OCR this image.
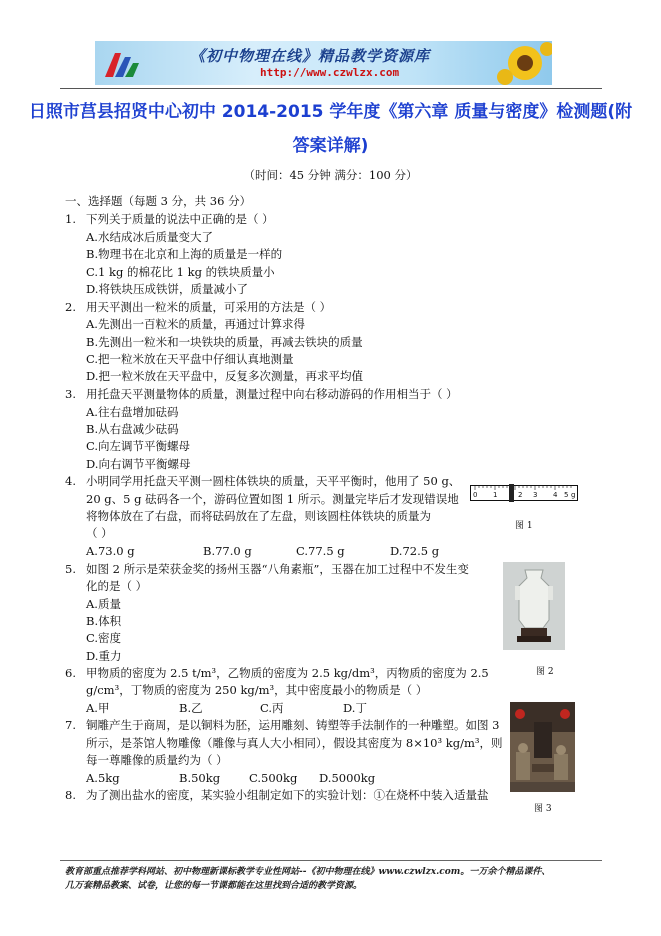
《初中物理在线》精品教学资源库
http://www.czwlzx.com
日照市莒县招贤中心初中 2014-2015 学年度《第六章 质量与密度》检测题(附
答案详解)
（时间：45 分钟 满分：100 分）
一、选择题（每题 3 分，共 36 分）
1. 下列关于质量的说法中正确的是（ ）
A.水结成冰后质量变大了
B.物理书在北京和上海的质量是一样的
C.1 kg 的棉花比 1 kg 的铁块质量小
D.将铁块压成铁饼，质量减小了
2. 用天平测出一粒米的质量，可采用的方法是（ ）
A.先测出一百粒米的质量，再通过计算求得
B.先测出一粒米和一块铁块的质量，再减去铁块的质量
C.把一粒米放在天平盘中仔细认真地测量
D.把一粒米放在天平盘中，反复多次测量，再求平均值
3. 用托盘天平测量物体的质量，测量过程中向右移动游码的作用相当于（ ）
A.往右盘增加砝码
B.从右盘减少砝码
C.向左调节平衡螺母
D.向右调节平衡螺母
4. 小明同学用托盘天平测一圆柱体铁块的质量，天平平衡时，他用了 50 g、
20 g、5 g 砝码各一个，游码位置如图 1 所示。测量完毕后才发现错误地
将物体放在了右盘，而将砝码放在了左盘，则该圆柱体铁块的质量为
（ ）
A.73.0 g	B.77.0 g	C.77.5 g	D.72.5 g
0 1	2 3 4 5 g
图 1
5. 如图 2 所示是荣获金奖的扬州玉器“八角素瓶”，玉器在加工过程中不发生变
化的是（ ）
A.质量
B.体积
C.密度
D.重力
图 2
6. 甲物质的密度为 2.5 t/m³，乙物质的密度为 2.5 kg/dm³，丙物质的密度为 2.5
g/cm³，丁物质的密度为 250 kg/m³，其中密度最小的物质是（ ）
A.甲	B.乙	C.丙	D.丁
7. 铜雕产生于商周，是以铜料为胚，运用雕刻、铸塑等手法制作的一种雕塑。如图 3
所示，是茶馆人物雕像（雕像与真人大小相同），假设其密度为 8×10³ kg/m³，则
每一尊雕像的质量约为（ ）
A.5kg	B.50kg	C.500kg D.5000kg
图 3
8. 为了测出盐水的密度，某实验小组制定如下的实验计划：①在烧杯中装入适量盐
教育部重点推荐学科网站、初中物理新课标教学专业性网站--《初中物理在线》www.czwlzx.com。一万余个精品课件、
几万套精品教案、试卷，让您的每一节课都能在这里找到合适的教学资源。
